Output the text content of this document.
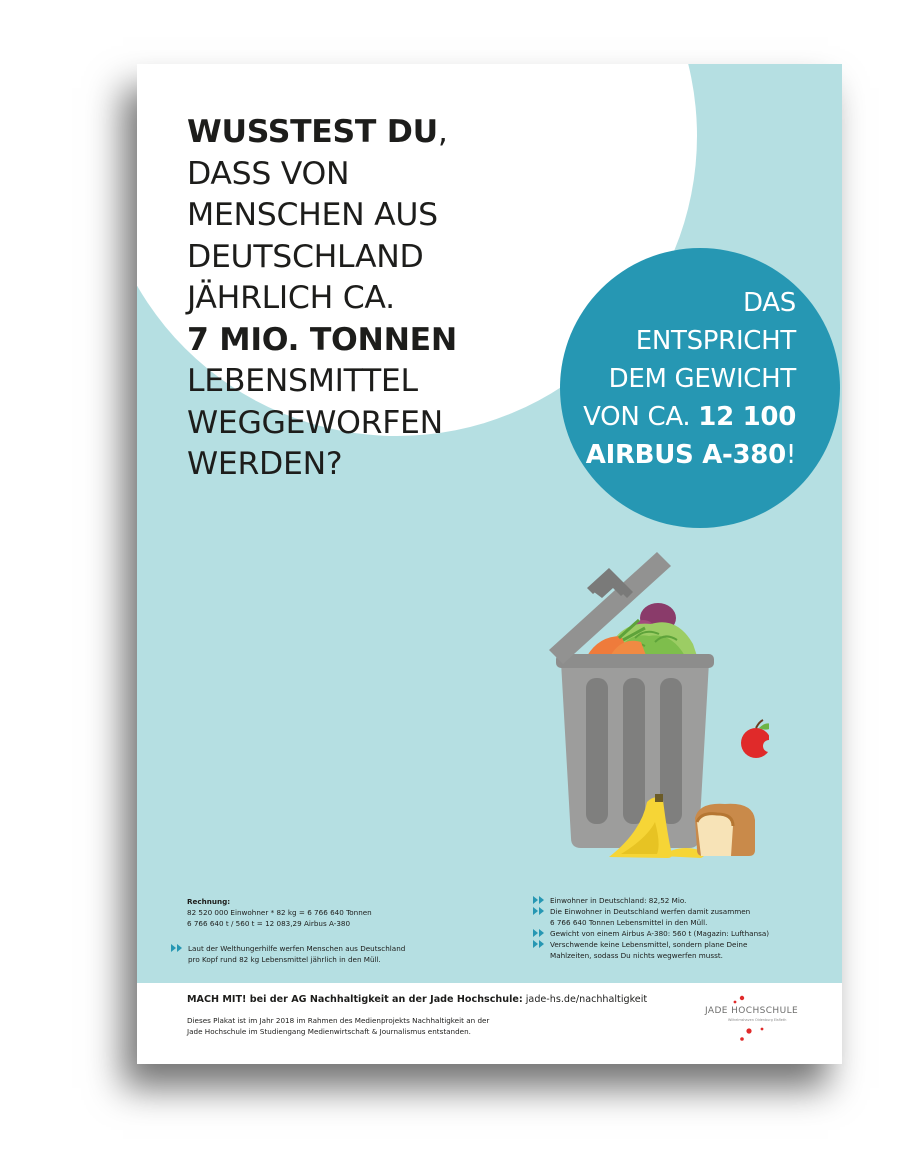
WUSSTEST DU,
DASS VON
MENSCHEN AUS
DEUTSCHLAND
JÄHRLICH CA.
7 MIO. TONNEN
LEBENSMITTEL
WEGGEWORFEN
WERDEN?
DAS
ENTSPRICHT
DEM GEWICHT
VON CA. 12 100
AIRBUS A-380!
Rechnung:
82 520 000 Einwohner * 82 kg = 6 766 640 Tonnen
6 766 640 t / 560 t = 12 083,29 Airbus A-380
Laut der Welthungerhilfe werfen Menschen aus Deutschland
pro Kopf rund 82 kg Lebensmittel jährlich in den Müll.
Einwohner in Deutschland: 82,52 Mio.
Die Einwohner in Deutschland werfen damit zusammen
6 766 640 Tonnen Lebensmittel in den Müll.
Gewicht von einem Airbus A-380: 560 t (Magazin: Lufthansa)
Verschwende keine Lebensmittel, sondern plane Deine
Mahlzeiten, sodass Du nichts wegwerfen musst.
MACH MIT! bei der AG Nachhaltigkeit an der Jade Hochschule: jade-hs.de/nachhaltigkeit
Dieses Plakat ist im Jahr 2018 im Rahmen des Medienprojekts Nachhaltigkeit an der
Jade Hochschule im Studiengang Medienwirtschaft & Journalismus entstanden.
JADE HOCHSCHULE
Wilhelmshaven Oldenburg Elsfleth
